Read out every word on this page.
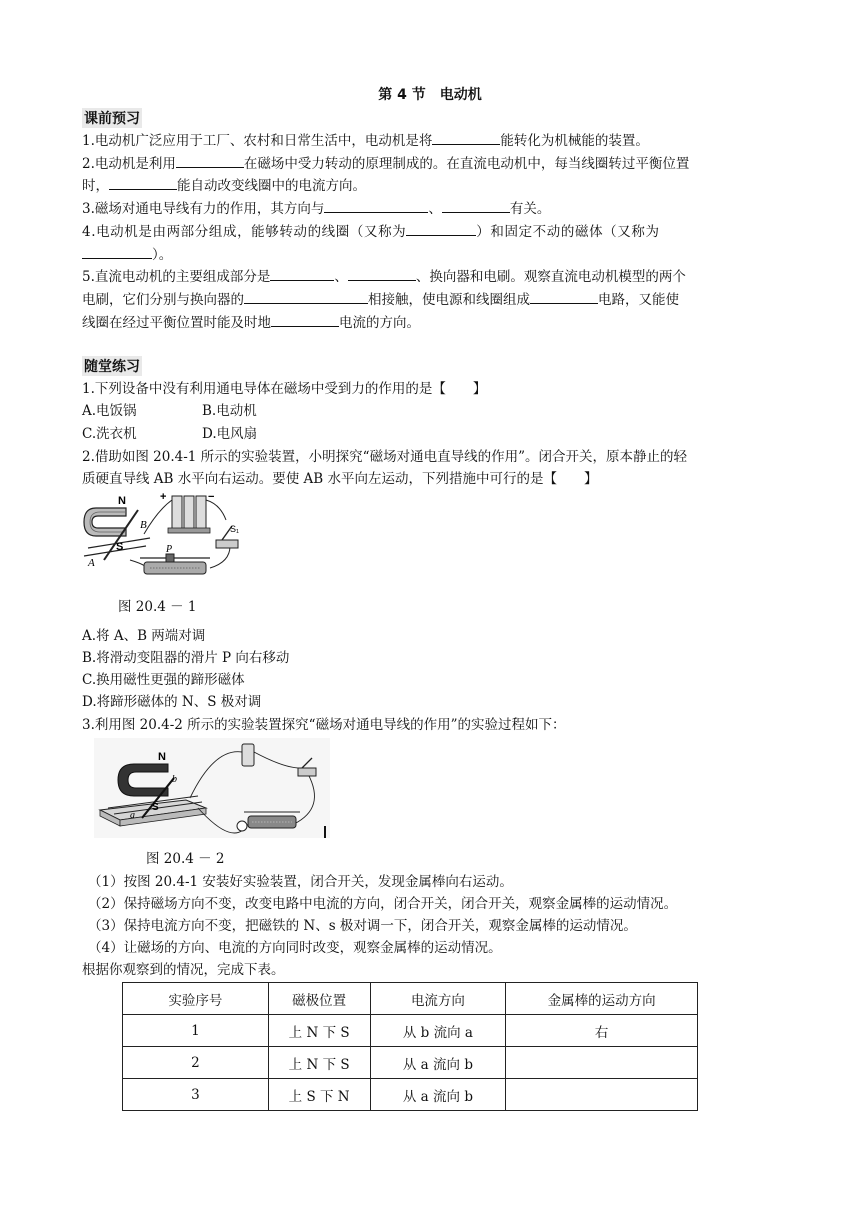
第 4 节　电动机
课前预习
1.电动机广泛应用于工厂、农村和日常生活中，电动机是将	能转化为机械能的装置。
2.电动机是利用	在磁场中受力转动的原理制成的。在直流电动机中，每当线圈转过平衡位置
时，	能自动改变线圈中的电流方向。
3.磁场对通电导线有力的作用，其方向与	、	有关。
4.电动机是由两部分组成，能够转动的线圈（又称为	）和固定不动的磁体（又称为
）。
5.直流电动机的主要组成部分是	、	、换向器和电刷。观察直流电动机模型的两个
电刷，它们分别与换向器的	相接触，使电源和线圈组成	电路，又能使
线圈在经过平衡位置时能及时地	电流的方向。
随堂练习
1.下列设备中没有利用通电导体在磁场中受到力的作用的是【　　】
A.电饭锅	B.电动机
C.洗衣机	D.电风扇
2.借助如图 20.4-1 所示的实验装置，小明探究“磁场对通电直导线的作用”。闭合开关，原本静止的轻
质硬直导线 AB 水平向右运动。要使 AB 水平向左运动，下列措施中可行的是【　　】
N
S
A
B
P
S₁
+	−
图 20.4 － 1
A.将 A、B 两端对调
B.将滑动变阻器的滑片 P 向右移动
C.换用磁性更强的蹄形磁体
D.将蹄形磁体的 N、S 极对调
3.利用图 20.4-2 所示的实验装置探究“磁场对通电导线的作用”的实验过程如下：
N
S
a
b
图 20.4 － 2
（1）按图 20.4-1 安装好实验装置，闭合开关，发现金属棒向右运动。
（2）保持磁场方向不变，改变电路中电流的方向，闭合开关，闭合开关，观察金属棒的运动情况。
（3）保持电流方向不变，把磁铁的 N、s 极对调一下，闭合开关，观察金属棒的运动情况。
（4）让磁场的方向、电流的方向同时改变，观察金属棒的运动情况。
根据你观察到的情况，完成下表。
实验序号	磁极位置	电流方向	金属棒的运动方向
1	上 N 下 S	从 b 流向 a	右
2	上 N 下 S	从 a 流向 b	
3	上 S 下 N	从 a 流向 b	
